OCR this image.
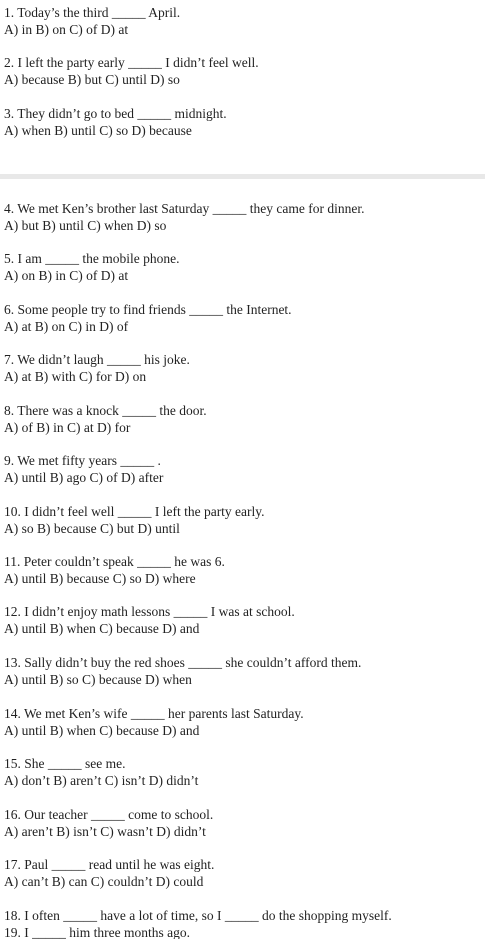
1. Today’s the third _____ April.
A) in B) on C) of D) at
2. I left the party early _____ I didn’t feel well.
A) because B) but C) until D) so
3. They didn’t go to bed _____ midnight.
A) when B) until C) so D) because
4. We met Ken’s brother last Saturday _____ they came for dinner.
A) but B) until C) when D) so
5. I am _____ the mobile phone.
A) on B) in C) of D) at
6. Some people try to find friends _____ the Internet.
A) at B) on C) in D) of
7. We didn’t laugh _____ his joke.
A) at B) with C) for D) on
8. There was a knock _____ the door.
A) of B) in C) at D) for
9. We met fifty years _____ .
A) until B) ago C) of D) after
10. I didn’t feel well _____ I left the party early.
A) so B) because C) but D) until
11. Peter couldn’t speak _____ he was 6.
A) until B) because C) so D) where
12. I didn’t enjoy math lessons _____ I was at school.
A) until B) when C) because D) and
13. Sally didn’t buy the red shoes _____ she couldn’t afford them.
A) until B) so C) because D) when
14. We met Ken’s wife _____ her parents last Saturday.
A) until B) when C) because D) and
15. She _____ see me.
A) don’t B) aren’t C) isn’t D) didn’t
16. Our teacher _____ come to school.
A) aren’t B) isn’t C) wasn’t D) didn’t
17. Paul _____ read until he was eight.
A) can’t B) can C) couldn’t D) could
18. I often _____ have a lot of time, so I _____ do the shopping myself.
19. I _____ him three months ago.
